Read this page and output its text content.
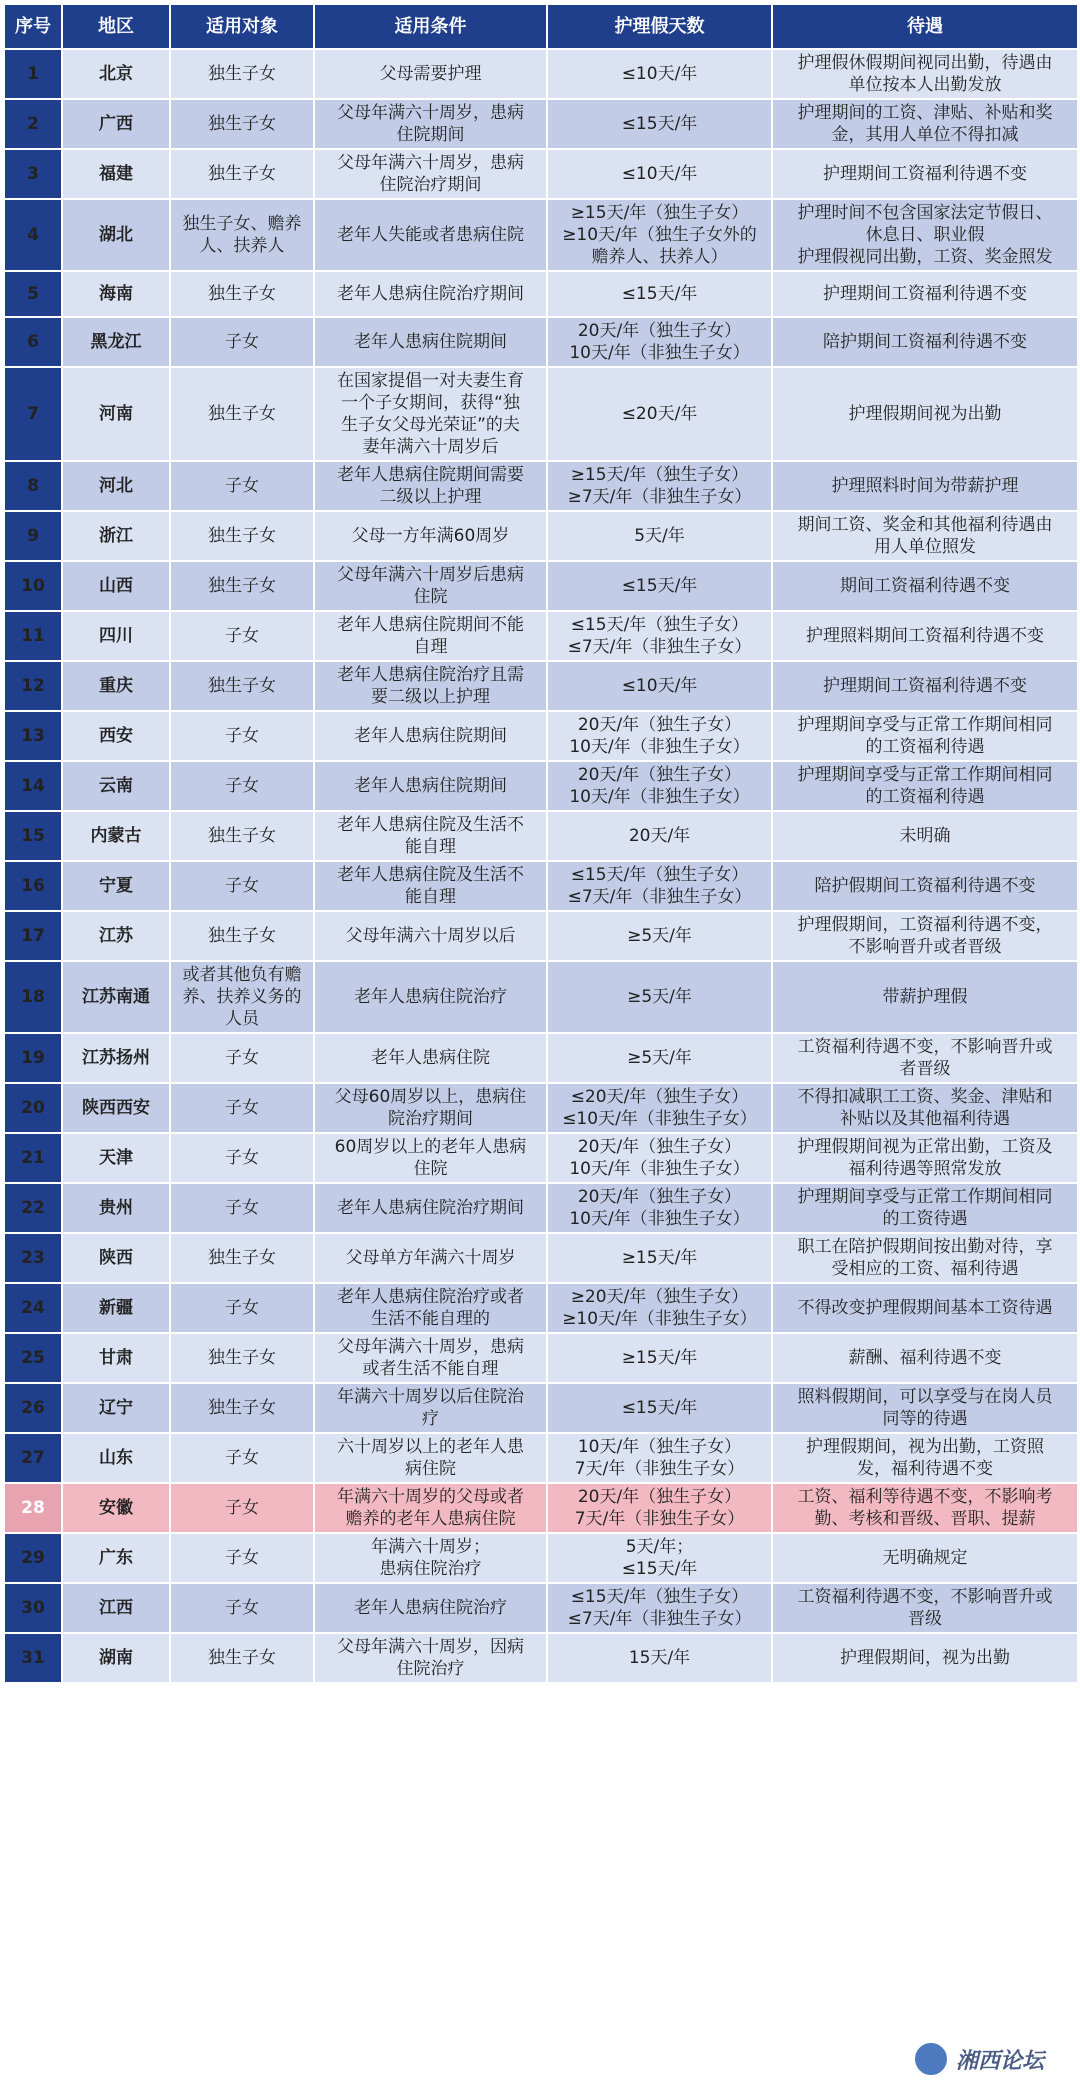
序号	地区	适用对象	适用条件	护理假天数	待遇
1	北京	独生子女	父母需要护理	≤10天/年	护理假休假期间视同出勤，待遇由
单位按本人出勤发放
2	广西	独生子女	父母年满六十周岁，患病
住院期间	≤15天/年	护理期间的工资、津贴、补贴和奖
金，其用人单位不得扣减
3	福建	独生子女	父母年满六十周岁，患病
住院治疗期间	≤10天/年	护理期间工资福利待遇不变
4	湖北	独生子女、赡养
人、扶养人	老年人失能或者患病住院	≥15天/年（独生子女）
≥10天/年（独生子女外的
赡养人、扶养人）	护理时间不包含国家法定节假日、
休息日、职业假
护理假视同出勤，工资、奖金照发
5	海南	独生子女	老年人患病住院治疗期间	≤15天/年	护理期间工资福利待遇不变
6	黑龙江	子女	老年人患病住院期间	20天/年（独生子女）
10天/年（非独生子女）	陪护期间工资福利待遇不变
7	河南	独生子女	在国家提倡一对夫妻生育
一个子女期间，获得“独
生子女父母光荣证”的夫
妻年满六十周岁后	≤20天/年	护理假期间视为出勤
8	河北	子女	老年人患病住院期间需要
二级以上护理	≥15天/年（独生子女）
≥7天/年（非独生子女）	护理照料时间为带薪护理
9	浙江	独生子女	父母一方年满60周岁	5天/年	期间工资、奖金和其他福利待遇由
用人单位照发
10	山西	独生子女	父母年满六十周岁后患病
住院	≤15天/年	期间工资福利待遇不变
11	四川	子女	老年人患病住院期间不能
自理	≤15天/年（独生子女）
≤7天/年（非独生子女）	护理照料期间工资福利待遇不变
12	重庆	独生子女	老年人患病住院治疗且需
要二级以上护理	≤10天/年	护理期间工资福利待遇不变
13	西安	子女	老年人患病住院期间	20天/年（独生子女）
10天/年（非独生子女）	护理期间享受与正常工作期间相同
的工资福利待遇
14	云南	子女	老年人患病住院期间	20天/年（独生子女）
10天/年（非独生子女）	护理期间享受与正常工作期间相同
的工资福利待遇
15	内蒙古	独生子女	老年人患病住院及生活不
能自理	20天/年	未明确
16	宁夏	子女	老年人患病住院及生活不
能自理	≤15天/年（独生子女）
≤7天/年（非独生子女）	陪护假期间工资福利待遇不变
17	江苏	独生子女	父母年满六十周岁以后	≥5天/年	护理假期间，工资福利待遇不变，
不影响晋升或者晋级
18	江苏南通	或者其他负有赡
养、扶养义务的
人员	老年人患病住院治疗	≥5天/年	带薪护理假
19	江苏扬州	子女	老年人患病住院	≥5天/年	工资福利待遇不变，不影响晋升或
者晋级
20	陕西西安	子女	父母60周岁以上，患病住
院治疗期间	≤20天/年（独生子女）
≤10天/年（非独生子女）	不得扣减职工工资、奖金、津贴和
补贴以及其他福利待遇
21	天津	子女	60周岁以上的老年人患病
住院	20天/年（独生子女）
10天/年（非独生子女）	护理假期间视为正常出勤，工资及
福利待遇等照常发放
22	贵州	子女	老年人患病住院治疗期间	20天/年（独生子女）
10天/年（非独生子女）	护理期间享受与正常工作期间相同
的工资待遇
23	陕西	独生子女	父母单方年满六十周岁	≥15天/年	职工在陪护假期间按出勤对待，享
受相应的工资、福利待遇
24	新疆	子女	老年人患病住院治疗或者
生活不能自理的	≥20天/年（独生子女）
≥10天/年（非独生子女）	不得改变护理假期间基本工资待遇
25	甘肃	独生子女	父母年满六十周岁，患病
或者生活不能自理	≥15天/年	薪酬、福利待遇不变
26	辽宁	独生子女	年满六十周岁以后住院治
疗	≤15天/年	照料假期间，可以享受与在岗人员
同等的待遇
27	山东	子女	六十周岁以上的老年人患
病住院	10天/年（独生子女）
7天/年（非独生子女）	护理假期间，视为出勤，工资照
发，福利待遇不变
28	安徽	子女	年满六十周岁的父母或者
赡养的老年人患病住院	20天/年（独生子女）
7天/年（非独生子女）	工资、福利等待遇不变，不影响考
勤、考核和晋级、晋职、提薪
29	广东	子女	年满六十周岁；
患病住院治疗	5天/年；
≤15天/年	无明确规定
30	江西	子女	老年人患病住院治疗	≤15天/年（独生子女）
≤7天/年（非独生子女）	工资福利待遇不变，不影响晋升或
晋级
31	湖南	独生子女	父母年满六十周岁，因病
住院治疗	15天/年	护理假期间，视为出勤
湘西论坛
